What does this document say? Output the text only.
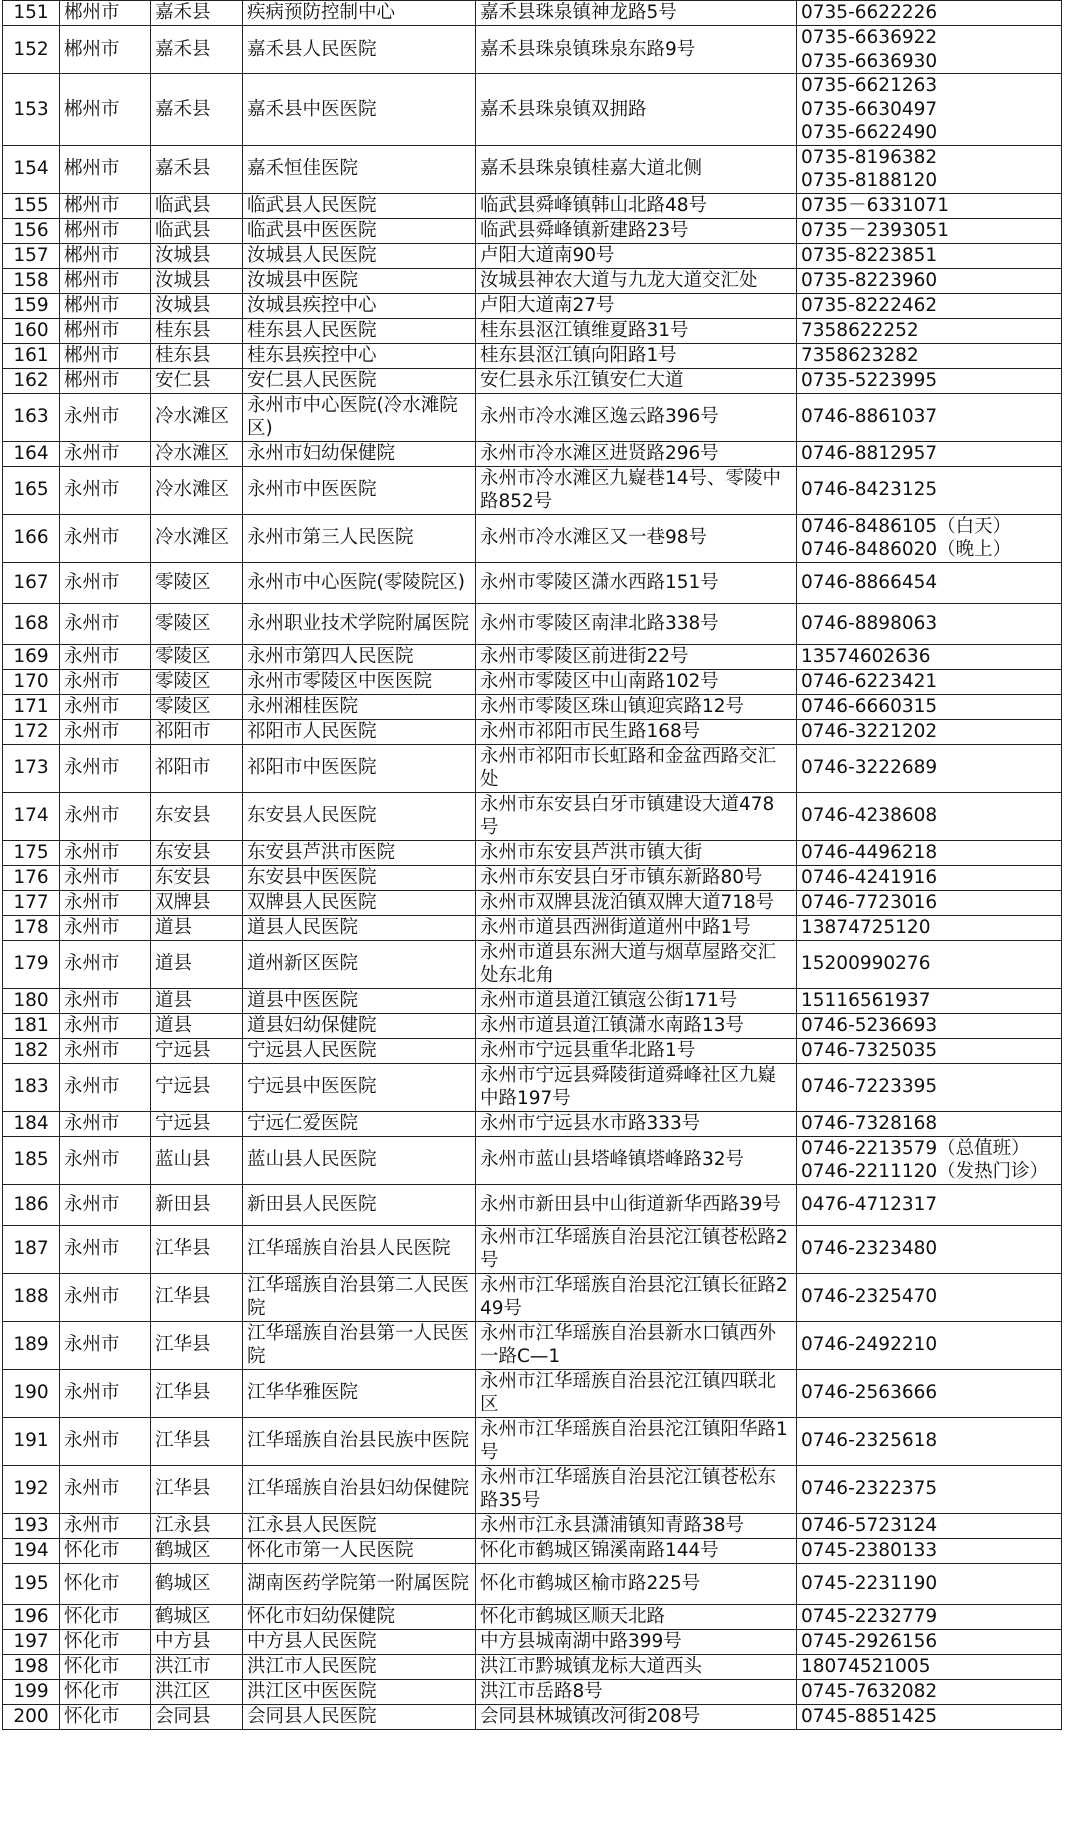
151	郴州市	嘉禾县	疾病预防控制中心	嘉禾县珠泉镇神龙路5号	0735-6622226
152	郴州市	嘉禾县	嘉禾县人民医院	嘉禾县珠泉镇珠泉东路9号	0735-6636922
0735-6636930
153	郴州市	嘉禾县	嘉禾县中医医院	嘉禾县珠泉镇双拥路	0735-6621263
0735-6630497
0735-6622490
154	郴州市	嘉禾县	嘉禾恒佳医院	嘉禾县珠泉镇桂嘉大道北侧	0735-8196382
0735-8188120
155	郴州市	临武县	临武县人民医院	临武县舜峰镇韩山北路48号	0735－6331071
156	郴州市	临武县	临武县中医医院	临武县舜峰镇新建路23号	0735－2393051
157	郴州市	汝城县	汝城县人民医院	卢阳大道南90号	0735-8223851
158	郴州市	汝城县	汝城县中医院	汝城县神农大道与九龙大道交汇处	0735-8223960
159	郴州市	汝城县	汝城县疾控中心	卢阳大道南27号	0735-8222462
160	郴州市	桂东县	桂东县人民医院	桂东县沤江镇维夏路31号	7358622252
161	郴州市	桂东县	桂东县疾控中心	桂东县沤江镇向阳路1号	7358623282
162	郴州市	安仁县	安仁县人民医院	安仁县永乐江镇安仁大道	0735-5223995
163	永州市	冷水滩区	永州市中心医院(冷水滩院区)	永州市冷水滩区逸云路396号	0746-8861037
164	永州市	冷水滩区	永州市妇幼保健院	永州市冷水滩区进贤路296号	0746-8812957
165	永州市	冷水滩区	永州市中医医院	永州市冷水滩区九嶷巷14号、零陵中路852号	0746-8423125
166	永州市	冷水滩区	永州市第三人民医院	永州市冷水滩区又一巷98号	0746-8486105（白天）
0746-8486020（晚上）
167	永州市	零陵区	永州市中心医院(零陵院区)	永州市零陵区潇水西路151号	0746-8866454
168	永州市	零陵区	永州职业技术学院附属医院	永州市零陵区南津北路338号	0746-8898063
169	永州市	零陵区	永州市第四人民医院	永州市零陵区前进街22号	13574602636
170	永州市	零陵区	永州市零陵区中医医院	永州市零陵区中山南路102号	0746-6223421
171	永州市	零陵区	永州湘桂医院	永州市零陵区珠山镇迎宾路12号	0746-6660315
172	永州市	祁阳市	祁阳市人民医院	永州市祁阳市民生路168号	0746-3221202
173	永州市	祁阳市	祁阳市中医医院	永州市祁阳市长虹路和金盆西路交汇处	0746-3222689
174	永州市	东安县	东安县人民医院	永州市东安县白牙市镇建设大道478号	0746-4238608
175	永州市	东安县	东安县芦洪市医院	永州市东安县芦洪市镇大街	0746-4496218
176	永州市	东安县	东安县中医医院	永州市东安县白牙市镇东新路80号	0746-4241916
177	永州市	双牌县	双牌县人民医院	永州市双牌县泷泊镇双牌大道718号	0746-7723016
178	永州市	道县	道县人民医院	永州市道县西洲街道道州中路1号	13874725120
179	永州市	道县	道州新区医院	永州市道县东洲大道与烟草屋路交汇处东北角	15200990276
180	永州市	道县	道县中医医院	永州市道县道江镇寇公街171号	15116561937
181	永州市	道县	道县妇幼保健院	永州市道县道江镇潇水南路13号	0746-5236693
182	永州市	宁远县	宁远县人民医院	永州市宁远县重华北路1号	0746-7325035
183	永州市	宁远县	宁远县中医医院	永州市宁远县舜陵街道舜峰社区九嶷中路197号	0746-7223395
184	永州市	宁远县	宁远仁爱医院	永州市宁远县水市路333号	0746-7328168
185	永州市	蓝山县	蓝山县人民医院	永州市蓝山县塔峰镇塔峰路32号	0746-2213579（总值班）
0746-2211120（发热门诊）
186	永州市	新田县	新田县人民医院	永州市新田县中山街道新华西路39号	0476-4712317
187	永州市	江华县	江华瑶族自治县人民医院	永州市江华瑶族自治县沱江镇苍松路2号	0746-2323480
188	永州市	江华县	江华瑶族自治县第二人民医院	永州市江华瑶族自治县沱江镇长征路249号	0746-2325470
189	永州市	江华县	江华瑶族自治县第一人民医院	永州市江华瑶族自治县新水口镇西外一路C—1	0746-2492210
190	永州市	江华县	江华华雅医院	永州市江华瑶族自治县沱江镇四联北区	0746-2563666
191	永州市	江华县	江华瑶族自治县民族中医院	永州市江华瑶族自治县沱江镇阳华路1号	0746-2325618
192	永州市	江华县	江华瑶族自治县妇幼保健院	永州市江华瑶族自治县沱江镇苍松东路35号	0746-2322375
193	永州市	江永县	江永县人民医院	永州市江永县潇浦镇知青路38号	0746-5723124
194	怀化市	鹤城区	怀化市第一人民医院	怀化市鹤城区锦溪南路144号	0745-2380133
195	怀化市	鹤城区	湖南医药学院第一附属医院	怀化市鹤城区榆市路225号	0745-2231190
196	怀化市	鹤城区	怀化市妇幼保健院	怀化市鹤城区顺天北路	0745-2232779
197	怀化市	中方县	中方县人民医院	中方县城南湖中路399号	0745-2926156
198	怀化市	洪江市	洪江市人民医院	洪江市黔城镇龙标大道西头	18074521005
199	怀化市	洪江区	洪江区中医医院	洪江市岳路8号	0745-7632082
200	怀化市	会同县	会同县人民医院	会同县林城镇改河街208号	0745-8851425
